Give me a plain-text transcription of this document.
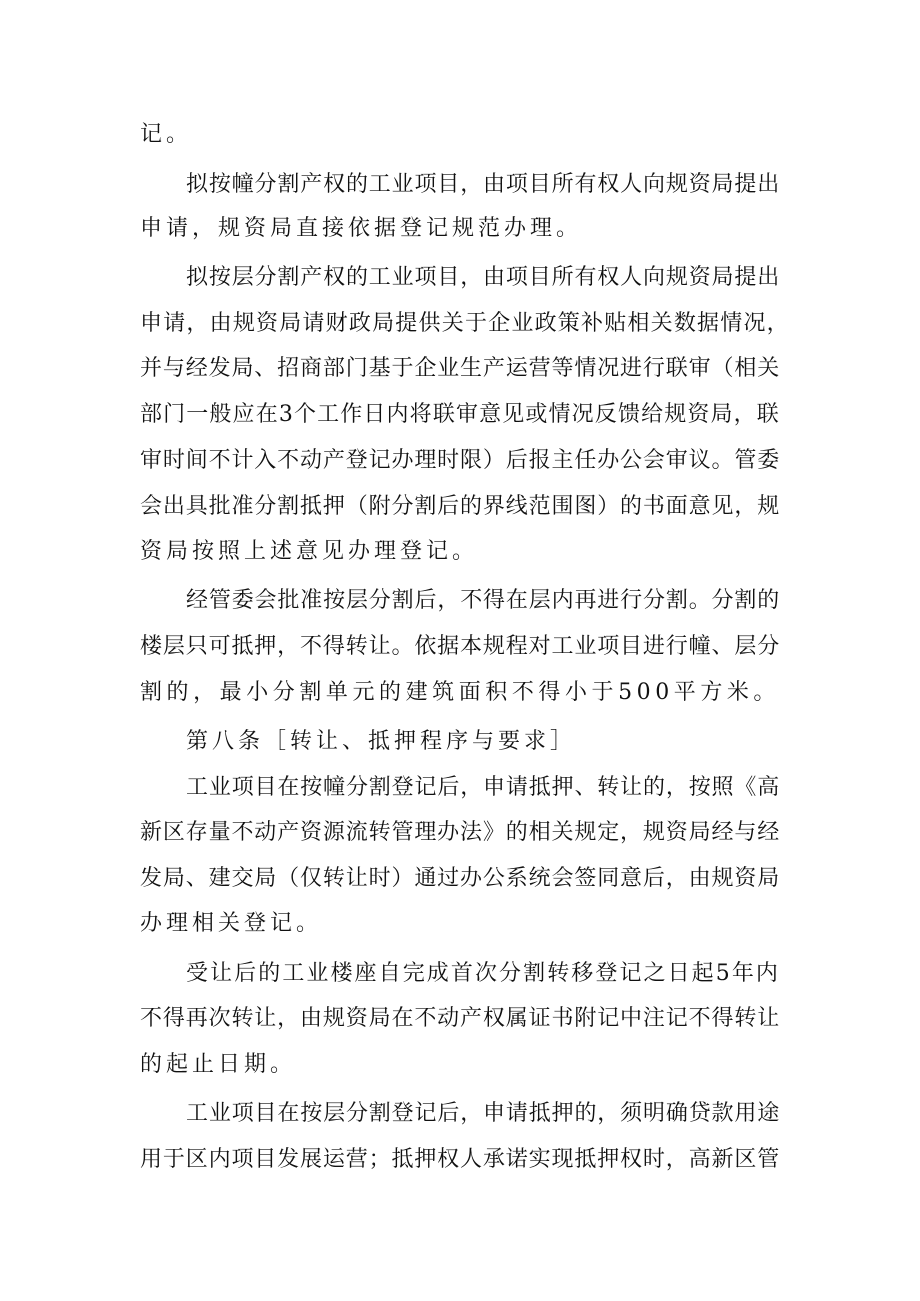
记。
拟按幢分割产权的工业项目，由项目所有权人向规资局提出
申请，规资局直接依据登记规范办理。
拟按层分割产权的工业项目，由项目所有权人向规资局提出
申请，由规资局请财政局提供关于企业政策补贴相关数据情况，
并与经发局、招商部门基于企业生产运营等情况进行联审（相关
部门一般应在3个工作日内将联审意见或情况反馈给规资局，联
审时间不计入不动产登记办理时限）后报主任办公会审议。管委
会出具批准分割抵押（附分割后的界线范围图）的书面意见，规
资局按照上述意见办理登记。
经管委会批准按层分割后，不得在层内再进行分割。分割的
楼层只可抵押，不得转让。依据本规程对工业项目进行幢、层分
割的，最小分割单元的建筑面积不得小于500平方米。
第八条［转让、抵押程序与要求］
工业项目在按幢分割登记后，申请抵押、转让的，按照《高
新区存量不动产资源流转管理办法》的相关规定，规资局经与经
发局、建交局（仅转让时）通过办公系统会签同意后，由规资局
办理相关登记。
受让后的工业楼座自完成首次分割转移登记之日起5年内
不得再次转让，由规资局在不动产权属证书附记中注记不得转让
的起止日期。
工业项目在按层分割登记后，申请抵押的，须明确贷款用途
用于区内项目发展运营；抵押权人承诺实现抵押权时，高新区管
